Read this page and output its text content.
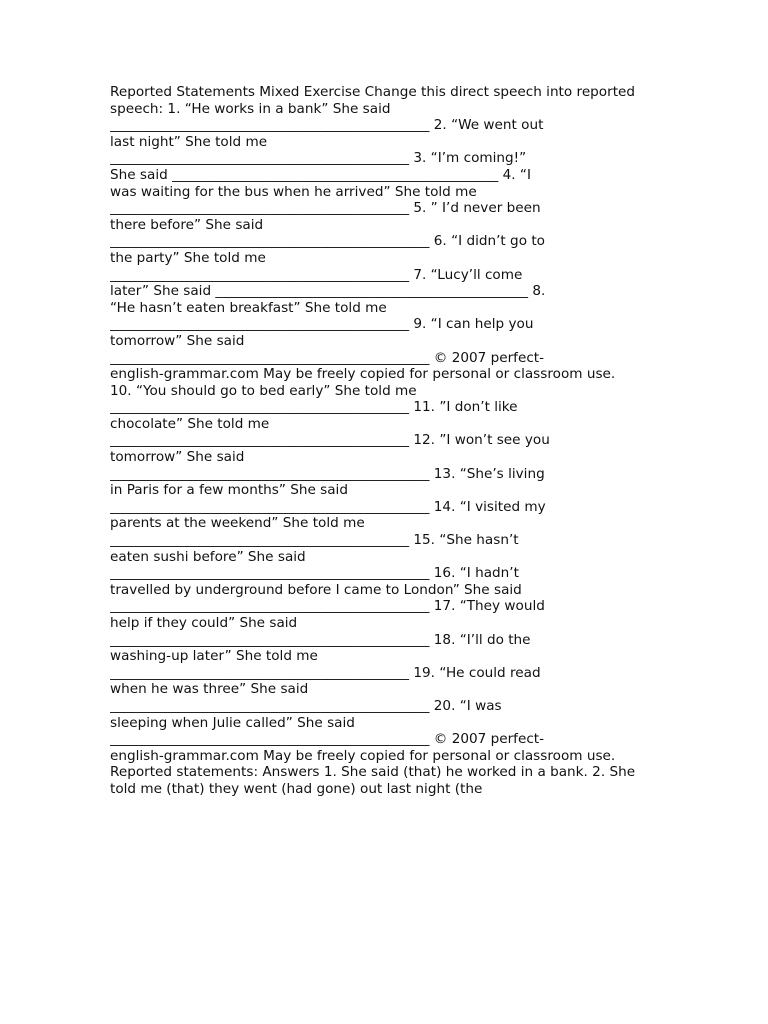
Reported Statements Mixed Exercise Change this direct speech into reported
speech: 1. “He works in a bank” She said
_______________________________________________ 2. “We went out
last night” She told me
____________________________________________ 3. “I’m coming!”
She said ________________________________________________ 4. “I
was waiting for the bus when he arrived” She told me
____________________________________________ 5. ” I’d never been
there before” She said
_______________________________________________ 6. “I didn’t go to
the party” She told me
____________________________________________ 7. “Lucy’ll come
later” She said ______________________________________________ 8.
“He hasn’t eaten breakfast” She told me
____________________________________________ 9. “I can help you
tomorrow” She said
_______________________________________________ © 2007 perfect-
english-grammar.com May be freely copied for personal or classroom use.
10. “You should go to bed early” She told me
____________________________________________ 11. ”I don’t like
chocolate” She told me
____________________________________________ 12. ”I won’t see you
tomorrow” She said
_______________________________________________ 13. “She’s living
in Paris for a few months” She said
_______________________________________________ 14. “I visited my
parents at the weekend” She told me
____________________________________________ 15. “She hasn’t
eaten sushi before” She said
_______________________________________________ 16. “I hadn’t
travelled by underground before I came to London” She said
_______________________________________________ 17. “They would
help if they could” She said
_______________________________________________ 18. “I’ll do the
washing-up later” She told me
____________________________________________ 19. “He could read
when he was three” She said
_______________________________________________ 20. “I was
sleeping when Julie called” She said
_______________________________________________ © 2007 perfect-
english-grammar.com May be freely copied for personal or classroom use.
Reported statements: Answers 1. She said (that) he worked in a bank. 2. She
told me (that) they went (had gone) out last night (the
